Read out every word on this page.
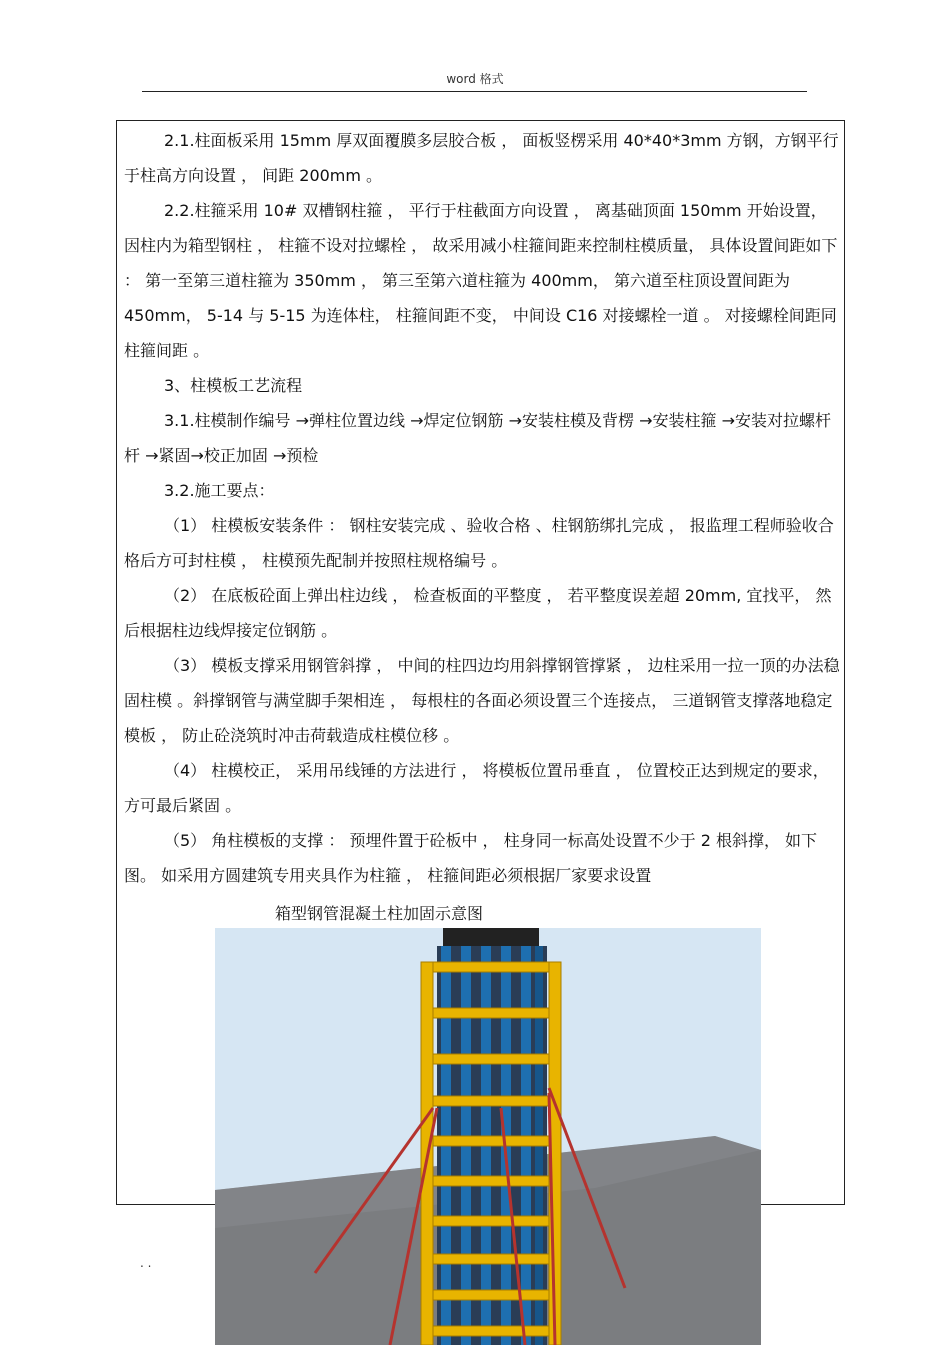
word 格式
2.1.柱面板采用 15mm 厚双面覆膜多层胶合板 ， 面板竖楞采用 40*40*3mm 方钢，方钢平行于柱高方向设置 ， 间距 200mm 。
2.2.柱箍采用 10# 双槽钢柱箍 ， 平行于柱截面方向设置 ， 离基础顶面 150mm 开始设置， 因柱内为箱型钢柱 ， 柱箍不设对拉螺栓 ， 故采用减小柱箍间距来控制柱模质量， 具体设置间距如下 ： 第一至第三道柱箍为 350mm ， 第三至第六道柱箍为 400mm， 第六道至柱顶设置间距为 450mm， 5-14 与 5-15 为连体柱， 柱箍间距不变， 中间设 C16 对接螺栓一道 。 对接螺栓间距同柱箍间距 。
3、柱模板工艺流程
3.1.柱模制作编号 →弹柱位置边线 →焊定位钢筋 →安装柱模及背楞 →安装柱箍 →安装对拉螺杆杆 →紧固→校正加固 →预检
3.2.施工要点：
（1） 柱模板安装条件 ： 钢柱安装完成 、验收合格 、柱钢筋绑扎完成 ， 报监理工程师验收合格后方可封柱模 ， 柱模预先配制并按照柱规格编号 。
（2） 在底板砼面上弹出柱边线 ， 检查板面的平整度 ， 若平整度误差超 20mm, 宜找平， 然后根据柱边线焊接定位钢筋 。
（3） 模板支撑采用钢管斜撑 ， 中间的柱四边均用斜撑钢管撑紧 ， 边柱采用一拉一顶的办法稳固柱模 。斜撑钢管与满堂脚手架相连 ， 每根柱的各面必须设置三个连接点， 三道钢管支撑落地稳定模板 ， 防止砼浇筑时冲击荷载造成柱模位移 。
（4） 柱模校正， 采用吊线锤的方法进行 ， 将模板位置吊垂直 ， 位置校正达到规定的要求， 方可最后紧固 。
（5） 角柱模板的支撑 ： 预埋件置于砼板中 ， 柱身同一标高处设置不少于 2 根斜撑， 如下图。 如采用方圆建筑专用夹具作为柱箍 ， 柱箍间距必须根据厂家要求设置
箱型钢管混凝土柱加固示意图
. .
